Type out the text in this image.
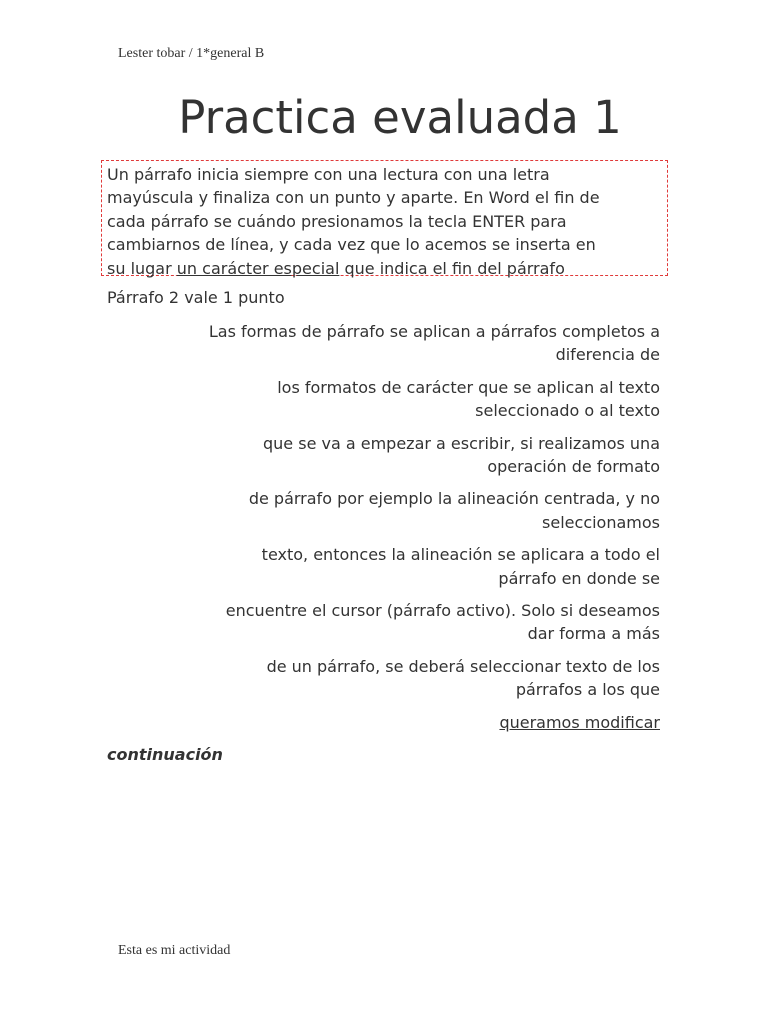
Lester tobar / 1*general B
Practica evaluada 1
Un párrafo inicia siempre con una lectura con una letra
mayúscula y finaliza con un punto y aparte. En Word el fin de
cada párrafo se cuándo presionamos la tecla ENTER para
cambiarnos de línea, y cada vez que lo acemos se inserta en
su lugar un carácter especial que indica el fin del párrafo
Párrafo 2 vale 1 punto
Las formas de párrafo se aplican a párrafos completos a
diferencia de
los formatos de carácter que se aplican al texto
seleccionado o al texto
que se va a empezar a escribir, si realizamos una
operación de formato
de párrafo por ejemplo la alineación centrada, y no
seleccionamos
texto, entonces la alineación se aplicara a todo el
párrafo en donde se
encuentre el cursor (párrafo activo). Solo si deseamos
dar forma a más
de un párrafo, se deberá seleccionar texto de los
párrafos a los que
queramos modificar
continuación
Esta es mi actividad
